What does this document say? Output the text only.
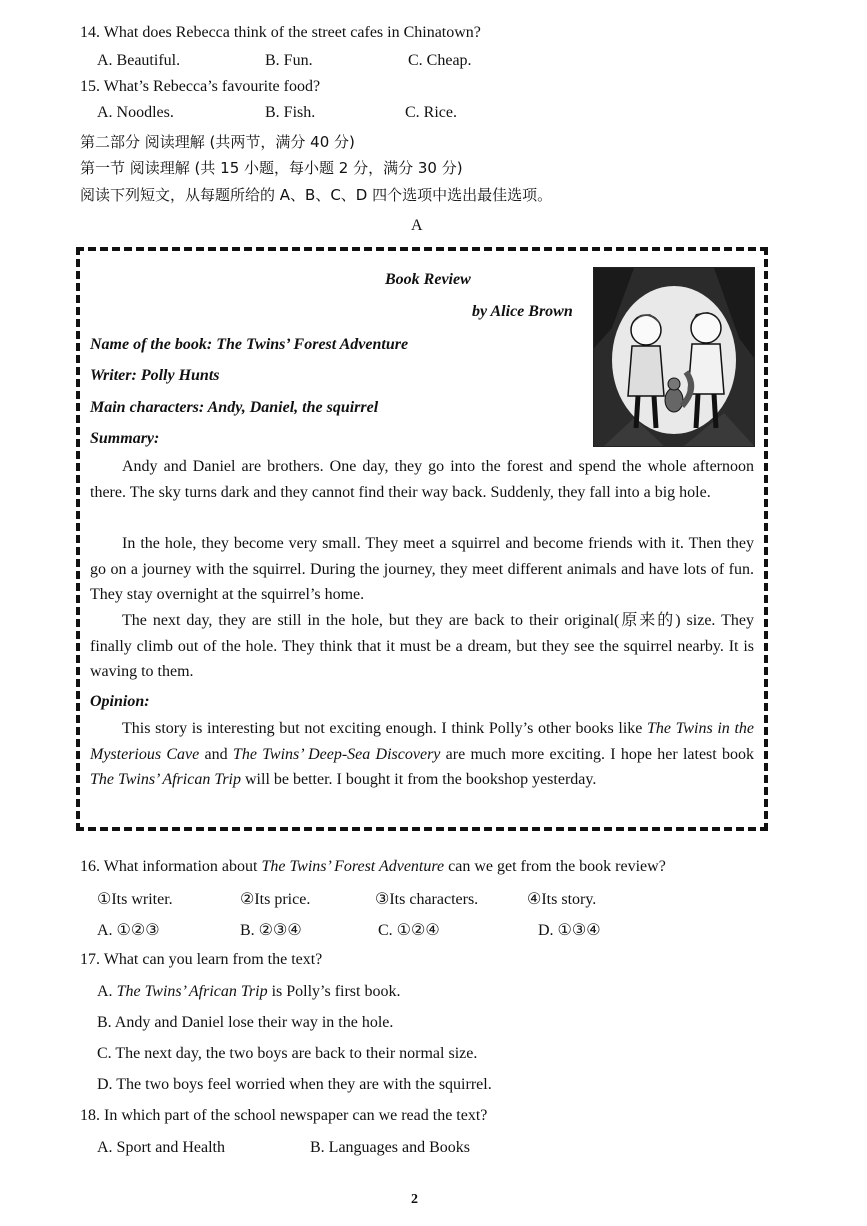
14. What does Rebecca think of the street cafes in Chinatown?
A. Beautiful.	B. Fun.	C. Cheap.
15. What’s Rebecca’s favourite food?
A. Noodles.	B. Fish.	C. Rice.
第二部分 阅读理解 (共两节，满分 40 分)
第一节 阅读理解 (共 15 小题，每小题 2 分，满分 30 分)
阅读下列短文，从每题所给的 A、B、C、D 四个选项中选出最佳选项。
A
Book Review
by Alice Brown
Name of the book: The Twins’ Forest Adventure
Writer: Polly Hunts
Main characters: Andy, Daniel, the squirrel
Summary:

Andy and Daniel are brothers. One day, they go into the forest and spend the whole afternoon there. The sky turns dark and they cannot find their way back. Suddenly, they fall into a big hole.

In the hole, they become very small. They meet a squirrel and become friends with it. Then they go on a journey with the squirrel. During the journey, they meet different animals and have lots of fun. They stay overnight at the squirrel’s home.

The next day, they are still in the hole, but they are back to their original(原来的) size. They finally climb out of the hole. They think that it must be a dream, but they see the squirrel nearby. It is waving to them.

Opinion:

This story is interesting but not exciting enough. I think Polly’s other books like The Twins in the Mysterious Cave and The Twins’ Deep-Sea Discovery are much more exciting. I hope her latest book The Twins’ African Trip will be better. I bought it from the bookshop yesterday.

16. What information about The Twins’ Forest Adventure can we get from the book review?
①Its writer.	②Its price.	③Its characters.	④Its story.
A. ①②③	B. ②③④	C. ①②④	D. ①③④
17. What can you learn from the text?
A. The Twins’ African Trip is Polly’s first book.
B. Andy and Daniel lose their way in the hole.
C. The next day, the two boys are back to their normal size.
D. The two boys feel worried when they are with the squirrel.
18. In which part of the school newspaper can we read the text?
A. Sport and Health	B. Languages and Books
2
